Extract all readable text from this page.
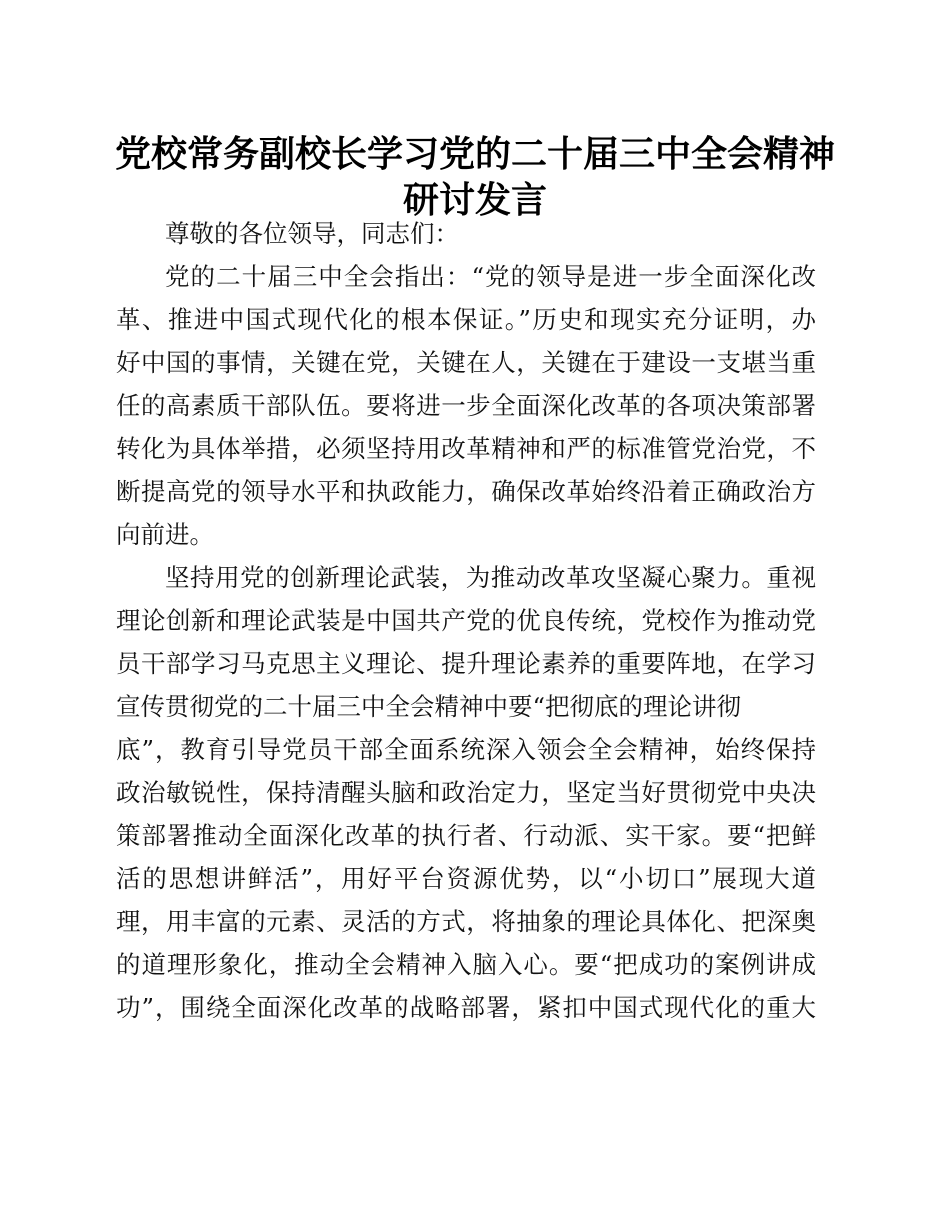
党校常务副校长学习党的二十届三中全会精神
研讨发言

尊敬的各位领导，同志们：

党的二十届三中全会指出：“党的领导是进一步全面深化改

革、推进中国式现代化的根本保证。”历史和现实充分证明，办

好中国的事情，关键在党，关键在人，关键在于建设一支堪当重

任的高素质干部队伍。要将进一步全面深化改革的各项决策部署

转化为具体举措，必须坚持用改革精神和严的标准管党治党，不

断提高党的领导水平和执政能力，确保改革始终沿着正确政治方

向前进。

坚持用党的创新理论武装，为推动改革攻坚凝心聚力。重视

理论创新和理论武装是中国共产党的优良传统，党校作为推动党

员干部学习马克思主义理论、提升理论素养的重要阵地，在学习

宣传贯彻党的二十届三中全会精神中要“把彻底的理论讲彻

底”，教育引导党员干部全面系统深入领会全会精神，始终保持

政治敏锐性，保持清醒头脑和政治定力，坚定当好贯彻党中央决

策部署推动全面深化改革的执行者、行动派、实干家。要“把鲜

活的思想讲鲜活”，用好平台资源优势，以“小切口”展现大道

理，用丰富的元素、灵活的方式，将抽象的理论具体化、把深奥

的道理形象化，推动全会精神入脑入心。要“把成功的案例讲成

功”，围绕全面深化改革的战略部署，紧扣中国式现代化的重大
